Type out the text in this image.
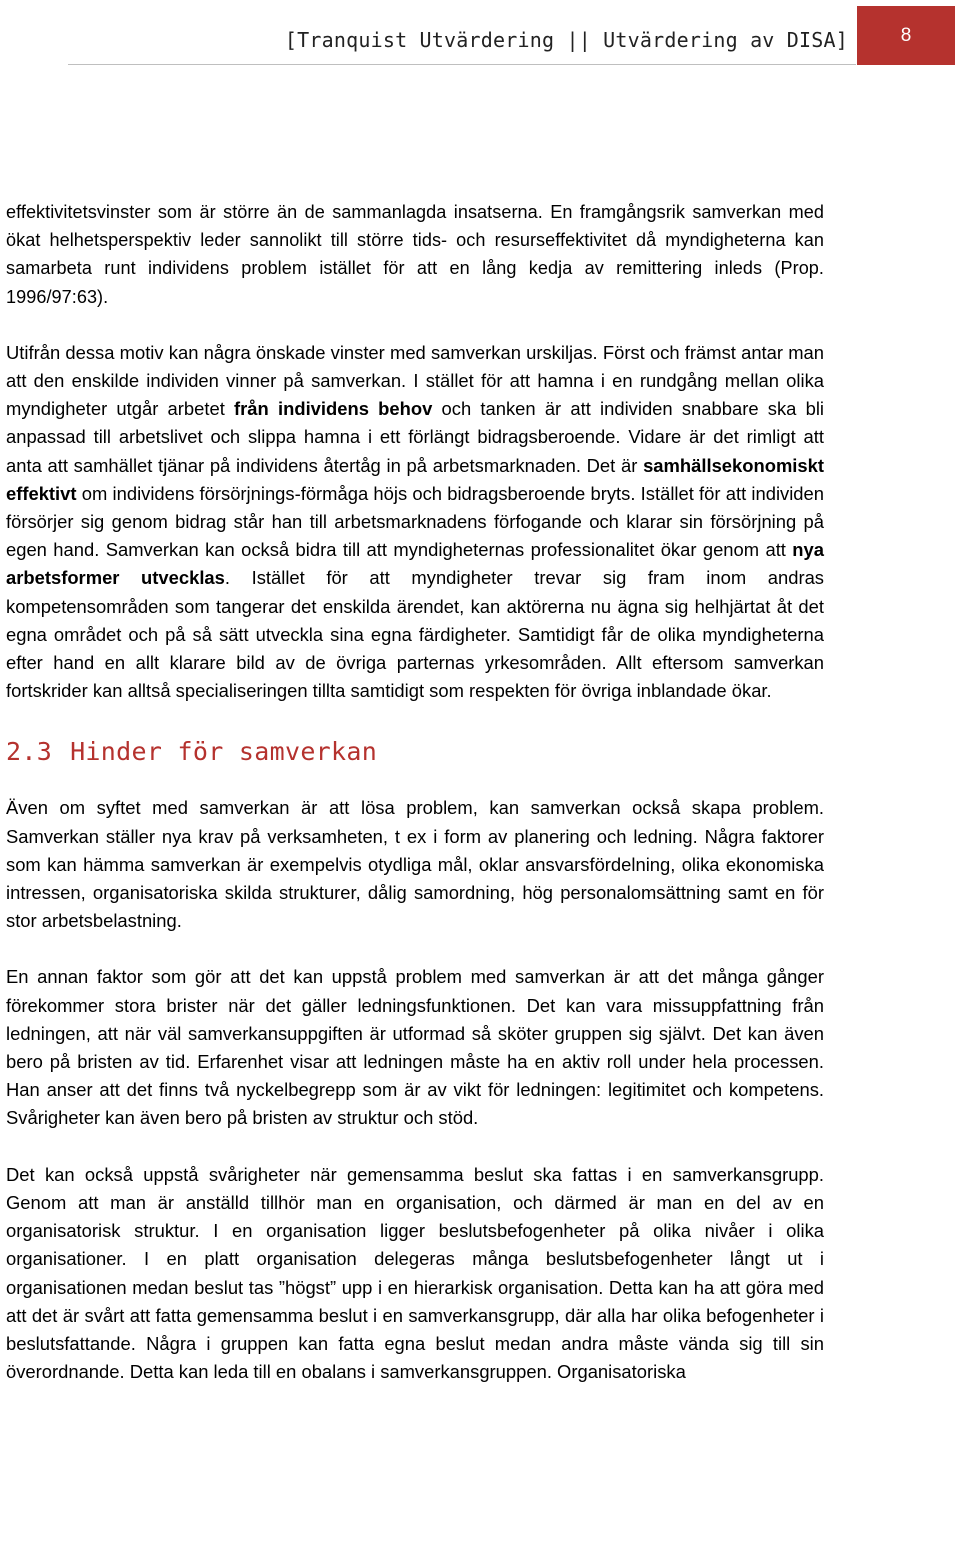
[Tranquist Utvärdering || Utvärdering av DISA]	8

effektivitetsvinster som är större än de sammanlagda insatserna. En framgångsrik samverkan med ökat helhetsperspektiv leder sannolikt till större tids- och resurseffektivitet då myndigheterna kan samarbeta runt individens problem istället för att en lång kedja av remittering inleds (Prop. 1996/97:63).

Utifrån dessa motiv kan några önskade vinster med samverkan urskiljas. Först och främst antar man att den enskilde individen vinner på samverkan. I stället för att hamna i en rundgång mellan olika myndigheter utgår arbetet från individens behov och tanken är att individen snabbare ska bli anpassad till arbetslivet och slippa hamna i ett förlängt bidragsberoende. Vidare är det rimligt att anta att samhället tjänar på individens återtåg in på arbetsmarknaden. Det är samhällsekonomiskt effektivt om individens försörjnings-förmåga höjs och bidragsberoende bryts. Istället för att individen försörjer sig genom bidrag står han till arbetsmarknadens förfogande och klarar sin försörjning på egen hand. Samverkan kan också bidra till att myndigheternas professionalitet ökar genom att nya arbetsformer utvecklas. Istället för att myndigheter trevar sig fram inom andras kompetensområden som tangerar det enskilda ärendet, kan aktörerna nu ägna sig helhjärtat åt det egna området och på så sätt utveckla sina egna färdigheter. Samtidigt får de olika myndigheterna efter hand en allt klarare bild av de övriga parternas yrkesområden. Allt eftersom samverkan fortskrider kan alltså specialiseringen tillta samtidigt som respekten för övriga inblandade ökar.

2.3 Hinder för samverkan

Även om syftet med samverkan är att lösa problem, kan samverkan också skapa problem. Samverkan ställer nya krav på verksamheten, t ex i form av planering och ledning. Några faktorer som kan hämma samverkan är exempelvis otydliga mål, oklar ansvarsfördelning, olika ekonomiska intressen, organisatoriska skilda strukturer, dålig samordning, hög personalomsättning samt en för stor arbetsbelastning.

En annan faktor som gör att det kan uppstå problem med samverkan är att det många gånger förekommer stora brister när det gäller ledningsfunktionen. Det kan vara missuppfattning från ledningen, att när väl samverkansuppgiften är utformad så sköter gruppen sig självt. Det kan även bero på bristen av tid. Erfarenhet visar att ledningen måste ha en aktiv roll under hela processen. Han anser att det finns två nyckelbegrepp som är av vikt för ledningen: legitimitet och kompetens. Svårigheter kan även bero på bristen av struktur och stöd.

Det kan också uppstå svårigheter när gemensamma beslut ska fattas i en samverkansgrupp. Genom att man är anställd tillhör man en organisation, och därmed är man en del av en organisatorisk struktur. I en organisation ligger beslutsbefogenheter på olika nivåer i olika organisationer. I en platt organisation delegeras många beslutsbefogenheter långt ut i organisationen medan beslut tas ”högst” upp i en hierarkisk organisation. Detta kan ha att göra med att det är svårt att fatta gemensamma beslut i en samverkansgrupp, där alla har olika befogenheter i beslutsfattande. Några i gruppen kan fatta egna beslut medan andra måste vända sig till sin överordnande. Detta kan leda till en obalans i samverkansgruppen. Organisatoriska
